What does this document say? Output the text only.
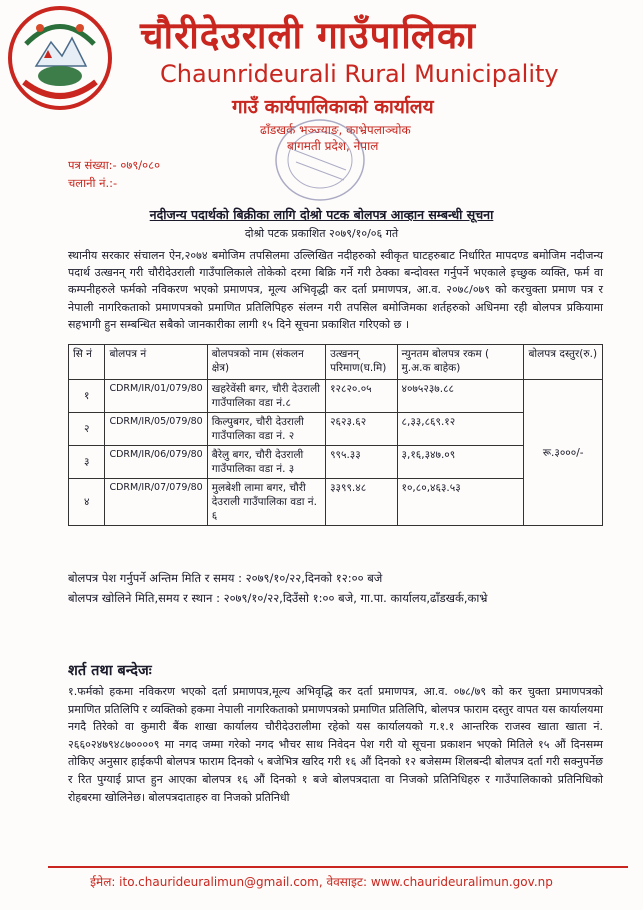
चौरीदेउराली गाउँपालिका
Chaunrideurali Rural Municipality
गाउँ कार्यपालिकाको कार्यालय
ढाँडखर्क भञ्ज्याङ, काभ्रेपलाञ्चोक
बागमती प्रदेश, नेपाल
पत्र संख्या:- ०७९/०८०
चलानी नं.:-
नदीजन्य पदार्थको बिक्रीका लागि दोश्रो पटक बोलपत्र आव्हान सम्बन्धी सूचना
दोश्रो पटक प्रकाशित २०७९/१०/०६ गते
स्थानीय सरकार संचालन ऐन,२०७४ बमोजिम तपसिलमा उल्लिखित नदीहरुको स्वीकृत घाटहरुबाट निर्धारित मापदण्ड बमोजिम नदीजन्य पदार्थ उत्खनन् गरी चौरीदेउराली गाउँपालिकाले तोकेको दरमा बिक्रि गर्ने गरी ठेक्का बन्दोवस्त गर्नुपर्ने भएकाले इच्छुक व्यक्ति, फर्म वा कम्पनीहरुले फर्मको नविकरण भएको प्रमाणपत्र, मूल्य अभिवृद्धी कर दर्ता प्रमाणपत्र, आ.व. २०७८/०७९ को करचुक्ता प्रमाण पत्र र नेपाली नागरिकताको प्रमाणपत्रको प्रमाणित प्रतिलिपिहरु संलग्न गरी तपसिल बमोजिमका शर्तहरुको अधिनमा रही बोलपत्र प्रकियामा सहभागी हुन सम्बन्धित सबैको जानकारीका लागी १५ दिने सूचना प्रकाशित गरिएको छ ।
सि नं	बोलपत्र नं	बोलपत्रको नाम (संकलन क्षेत्र)	उत्खनन् परिमाण(घ.मि)	न्युनतम बोलपत्र रकम ( मु.अ.क बाहेक)	बोलपत्र दस्तुर(रु.)
१	CDRM/IR/01/079/80	खहरेवेंसी बगर, चौरी देउराली गाउँपालिका वडा नं.८	१२८२०.०५	४०७५२३७.८८	रू.३०००/-
२	CDRM/IR/05/079/80	किल्पुबगर, चौरी देउराली गाउँपालिका वडा नं. २	२६२३.६२	८,३३,८६९.१२	
३	CDRM/IR/06/079/80	बैरेलु बगर, चौरी देउराली गाउँपालिका वडा नं. ३	९९५.३३	३,१६,३४७.०९	
४	CDRM/IR/07/079/80	मुलबेशी लामा बगर, चौरी देउराली गाउँपालिका वडा नं. ६	३३९९.४८	१०,८०,४६३.५३	
बोलपत्र पेश गर्नुपर्ने अन्तिम मिति र समय : २०७९/१०/२२,दिनको १२:०० बजे
बोलपत्र खोलिने मिति,समय र स्थान : २०७९/१०/२२,दिउँसो १:०० बजे, गा.पा. कार्यालय,ढाँडखर्क,काभ्रे
शर्त तथा बन्देजः
१.फर्मको हकमा नविकरण भएको दर्ता प्रमाणपत्र,मूल्य अभिवृद्धि कर दर्ता प्रमाणपत्र, आ.व. ०७८/७९ को कर चुक्ता प्रमाणपत्रको प्रमाणित प्रतिलिपि र व्यक्तिको हकमा नेपाली नागरिकताको प्रमाणपत्रको प्रमाणित प्रतिलिपि, बोलपत्र फाराम दस्तुर वापत यस कार्यालयमा नगदै तिरेको वा कुमारी बैंक शाखा कार्यालय चौरीदेउरालीमा रहेको यस कार्यालयको ग.१.१ आन्तरिक राजस्व खाता खाता नं. २६६०२४७९४८७००००९ मा नगद जम्मा गरेको नगद भौचर साथ निवेदन पेश गरी यो सूचना प्रकाशन भएको मितिले १५ औं दिनसम्म तोकिए अनुसार हाईकपी बोलपत्र फाराम दिनको ५ बजेभित्र खरिद गरी १६ औं दिनको १२ बजेसम्म शिलबन्दी बोलपत्र दर्ता गरी सक्नुपर्नेछ र रित पुग्याई प्राप्त हुन आएका बोलपत्र १६ औं दिनको १ बजे बोलपत्रदाता वा निजको प्रतिनिधिहरु र गाउँपालिकाको प्रतिनिधिको रोहबरमा खोलिनेछ। बोलपत्रदाताहरु वा निजको प्रतिनिधी
ईमेल: ito.chaurideuralimun@gmail.com, वेवसाइट: www.chaurideuralimun.gov.np
